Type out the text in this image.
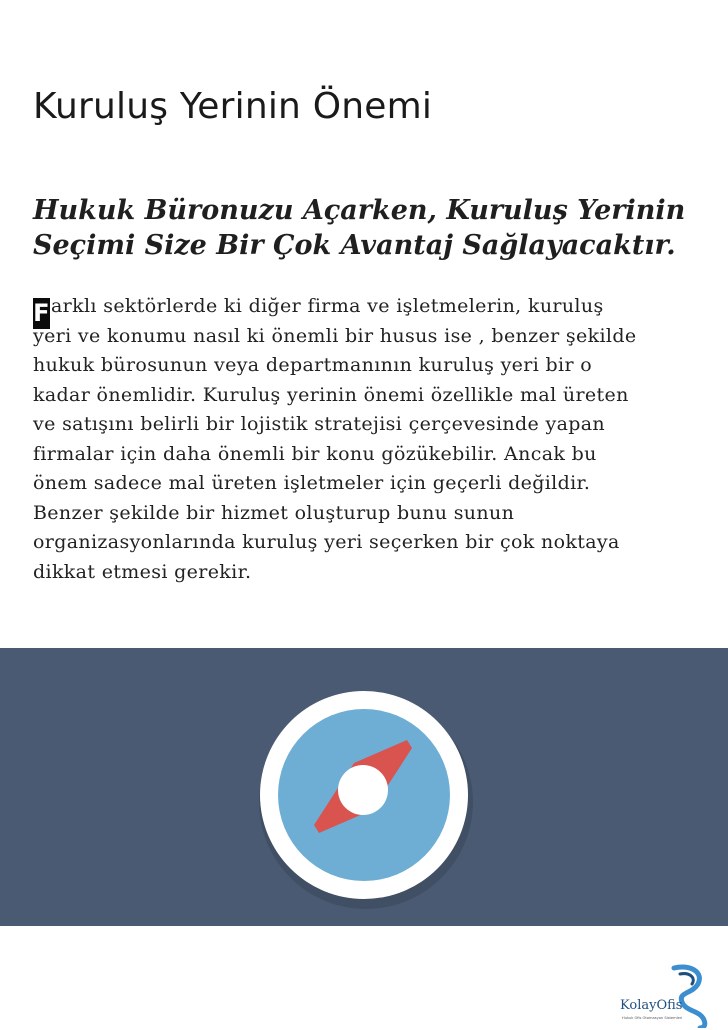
Kuruluş Yerinin Önemi
Hukuk Büronuzu Açarken, Kuruluş Yerinin
Seçimi Size Bir Çok Avantaj Sağlayacaktır.
Farklı sektörlerde ki diğer firma ve işletmelerin, kuruluş
yeri ve konumu nasıl ki önemli bir husus ise , benzer şekilde
hukuk bürosunun veya departmanının kuruluş yeri bir o
kadar önemlidir. Kuruluş yerinin önemi özellikle mal üreten
ve satışını belirli bir lojistik stratejisi çerçevesinde yapan
firmalar için daha önemli bir konu gözükebilir. Ancak bu
önem sadece mal üreten işletmeler için geçerli değildir.
Benzer şekilde bir hizmet oluşturup bunu sunun
organizasyonlarında kuruluş yeri seçerken bir çok noktaya
dikkat etmesi gerekir.
KolayOfis
Hukuk Ofis Otomasyon Sistemleri
